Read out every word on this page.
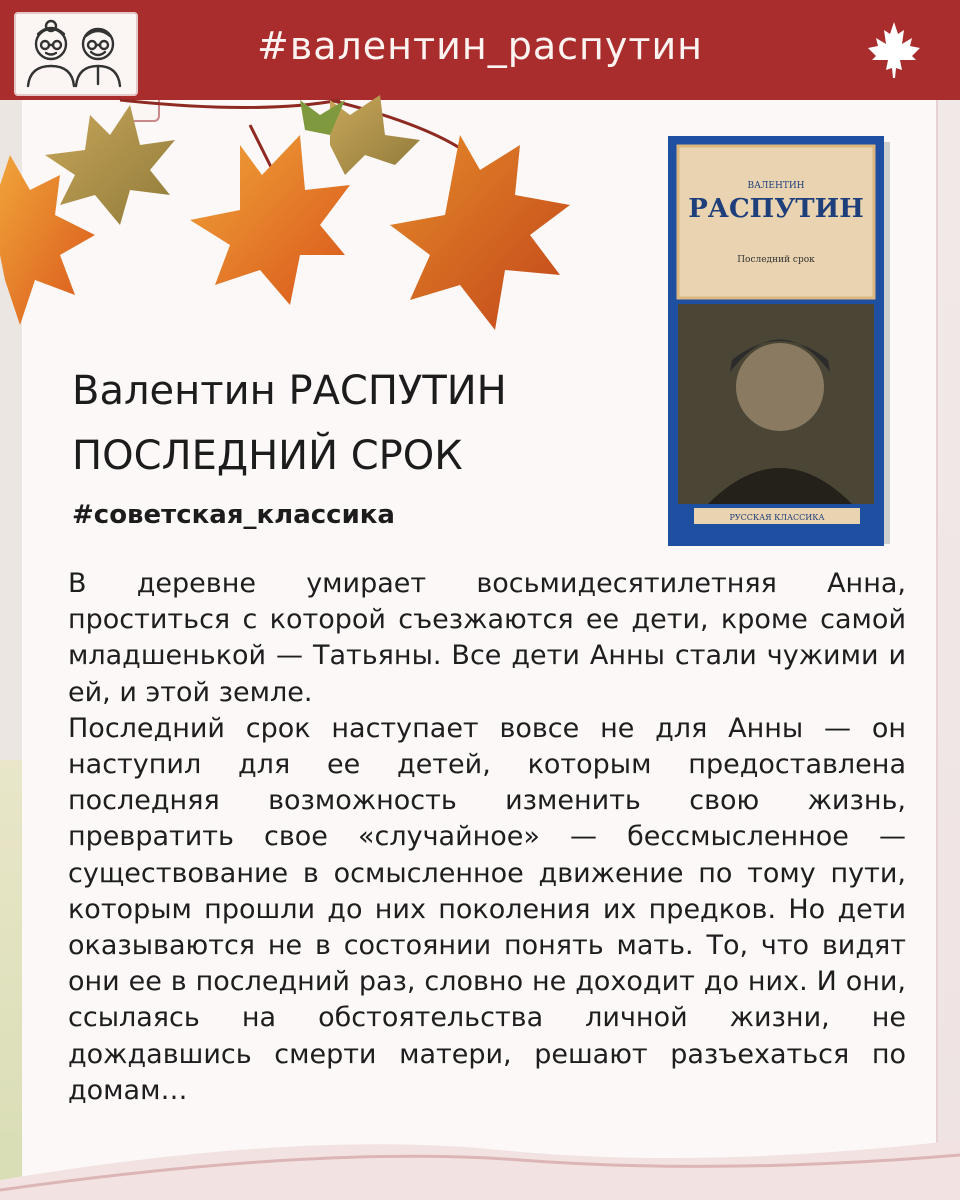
#валентин_распутин
ВАЛЕНТИН
РАСПУТИН
Последний срок
РУССКАЯ КЛАССИКА
Валентин РАСПУТИН
ПОСЛЕДНИЙ СРОК
#советская_классика

В деревне умирает восьмидесятилетняя Анна, проститься с которой съезжаются ее дети, кроме самой младшенькой — Татьяны. Все дети Анны стали чужими и ей, и этой земле.

Последний срок наступает вовсе не для Анны — он наступил для ее детей, которым предоставлена последняя возможность изменить свою жизнь, превратить свое «случайное» — бессмысленное — существование в осмысленное движение по тому пути, которым прошли до них поколения их предков. Но дети оказываются не в состоянии понять мать. То, что видят они ее в последний раз, словно не доходит до них. И они, ссылаясь на обстоятельства личной жизни, не дождавшись смерти матери, решают разъехаться по домам…
